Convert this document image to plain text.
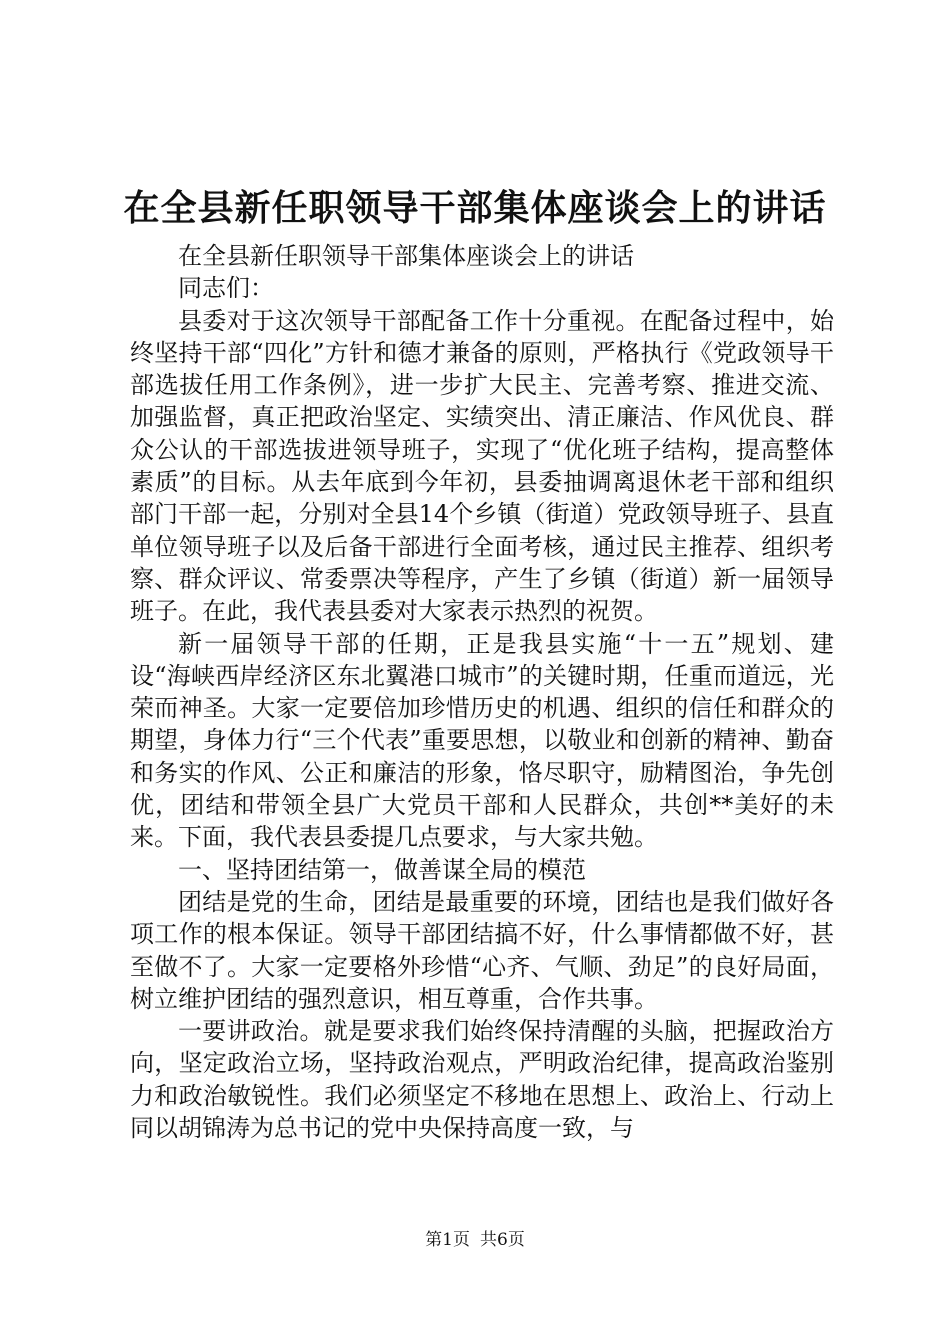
在全县新任职领导干部集体座谈会上的讲话

在全县新任职领导干部集体座谈会上的讲话

同志们：

县委对于这次领导干部配备工作十分重视。在配备过程中，始终坚持干部“四化”方针和德才兼备的原则，严格执行《党政领导干部选拔任用工作条例》，进一步扩大民主、完善考察、推进交流、加强监督，真正把政治坚定、实绩突出、清正廉洁、作风优良、群众公认的干部选拔进领导班子，实现了“优化班子结构，提高整体素质”的目标。从去年底到今年初，县委抽调离退休老干部和组织部门干部一起，分别对全县14个乡镇（街道）党政领导班子、县直单位领导班子以及后备干部进行全面考核，通过民主推荐、组织考察、群众评议、常委票决等程序，产生了乡镇（街道）新一届领导班子。在此，我代表县委对大家表示热烈的祝贺。

新一届领导干部的任期，正是我县实施“十一五”规划、建设“海峡西岸经济区东北翼港口城市”的关键时期，任重而道远，光荣而神圣。大家一定要倍加珍惜历史的机遇、组织的信任和群众的期望，身体力行“三个代表”重要思想，以敬业和创新的精神、勤奋和务实的作风、公正和廉洁的形象，恪尽职守，励精图治，争先创优，团结和带领全县广大党员干部和人民群众，共创**美好的未来。下面，我代表县委提几点要求，与大家共勉。

一、坚持团结第一，做善谋全局的模范

团结是党的生命，团结是最重要的环境，团结也是我们做好各项工作的根本保证。领导干部团结搞不好，什么事情都做不好，甚至做不了。大家一定要格外珍惜“心齐、气顺、劲足”的良好局面，树立维护团结的强烈意识，相互尊重，合作共事。

一要讲政治。就是要求我们始终保持清醒的头脑，把握政治方向，坚定政治立场，坚持政治观点，严明政治纪律，提高政治鉴别力和政治敏锐性。我们必须坚定不移地在思想上、政治上、行动上同以胡锦涛为总书记的党中央保持高度一致，与

第1页 共6页
